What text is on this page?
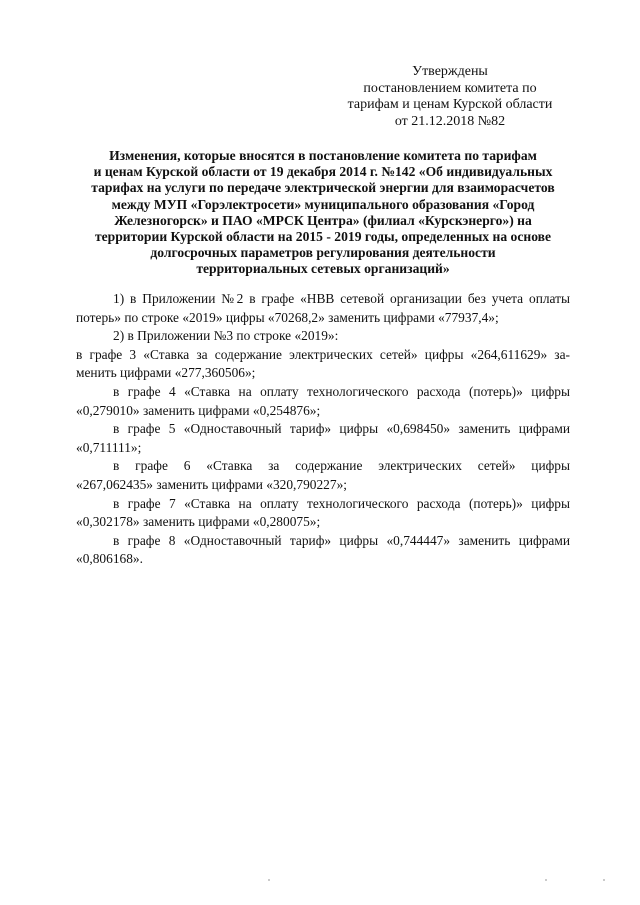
Утверждены
постановлением комитета по
тарифам и ценам Курской области
от 21.12.2018 №82
Изменения, которые вносятся в постановление комитета по тарифам
и ценам Курской области от 19 декабря 2014 г. №142 «Об индивидуальных
тарифах на услуги по передаче электрической энергии для взаиморасчетов
между МУП «Горэлектросети» муниципального образования «Город
Железногорск» и ПАО «МРСК Центра» (филиал «Курскэнерго») на
территории Курской области на 2015 - 2019 годы, определенных на основе
долгосрочных параметров регулирования деятельности
территориальных сетевых организаций»
1) в Приложении №2 в графе «НВВ сетевой организации без учета оплаты
потерь» по строке «2019» цифры «70268,2» заменить цифрами «77937,4»;
2) в Приложении №3 по строке «2019»:
в графе 3 «Ставка за содержание электрических сетей» цифры «264,611629» за-
менить цифрами «277,360506»;
в графе 4 «Ставка на оплату технологического расхода (потерь)» цифры
«0,279010» заменить цифрами «0,254876»;
в графе 5 «Одноставочный тариф» цифры «0,698450» заменить цифрами
«0,711111»;
в графе 6 «Ставка за содержание электрических сетей» цифры
«267,062435» заменить цифрами «320,790227»;
в графе 7 «Ставка на оплату технологического расхода (потерь)» цифры
«0,302178» заменить цифрами «0,280075»;
в графе 8 «Одноставочный тариф» цифры «0,744447» заменить цифрами
«0,806168».
